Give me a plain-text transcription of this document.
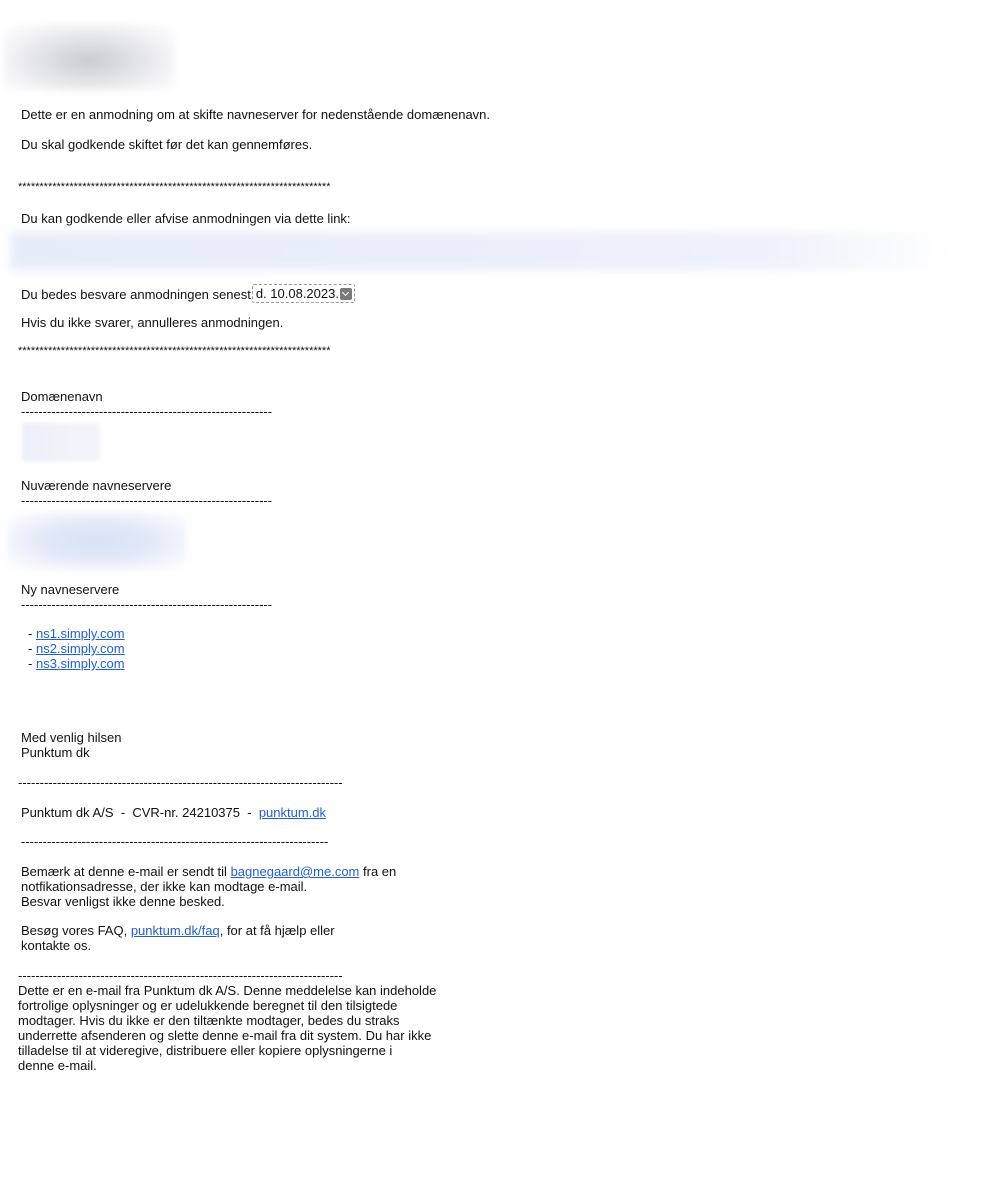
Dette er en anmodning om at skifte navneserver for nedenstående domænenavn.
Du skal godkende skiftet før det kan gennemføres.
*************************************************************************
Du kan godkende eller afvise anmodningen via dette link:
Du bedes besvare anmodningen senest d. 10.08.2023.
Hvis du ikke svarer, annulleres anmodningen.
*************************************************************************
Domænenavn
----------------------------------------------------------
Nuværende navneservere
----------------------------------------------------------
Ny navneservere
----------------------------------------------------------
- ns1.simply.com
- ns2.simply.com
- ns3.simply.com
Med venlig hilsen
Punktum dk
---------------------------------------------------------------------------
Punktum dk A/S - CVR-nr. 24210375 - punktum.dk
-----------------------------------------------------------------------
Bemærk at denne e-mail er sendt til bagnegaard@me.com fra en
notfikationsadresse, der ikke kan modtage e-mail.
Besvar venligst ikke denne besked.
Besøg vores FAQ, punktum.dk/faq, for at få hjælp eller
kontakte os.
---------------------------------------------------------------------------
Dette er en e-mail fra Punktum dk A/S. Denne meddelelse kan indeholde
fortrolige oplysninger og er udelukkende beregnet til den tilsigtede
modtager. Hvis du ikke er den tiltænkte modtager, bedes du straks
underrette afsenderen og slette denne e-mail fra dit system. Du har ikke
tilladelse til at videregive, distribuere eller kopiere oplysningerne i
denne e-mail.
